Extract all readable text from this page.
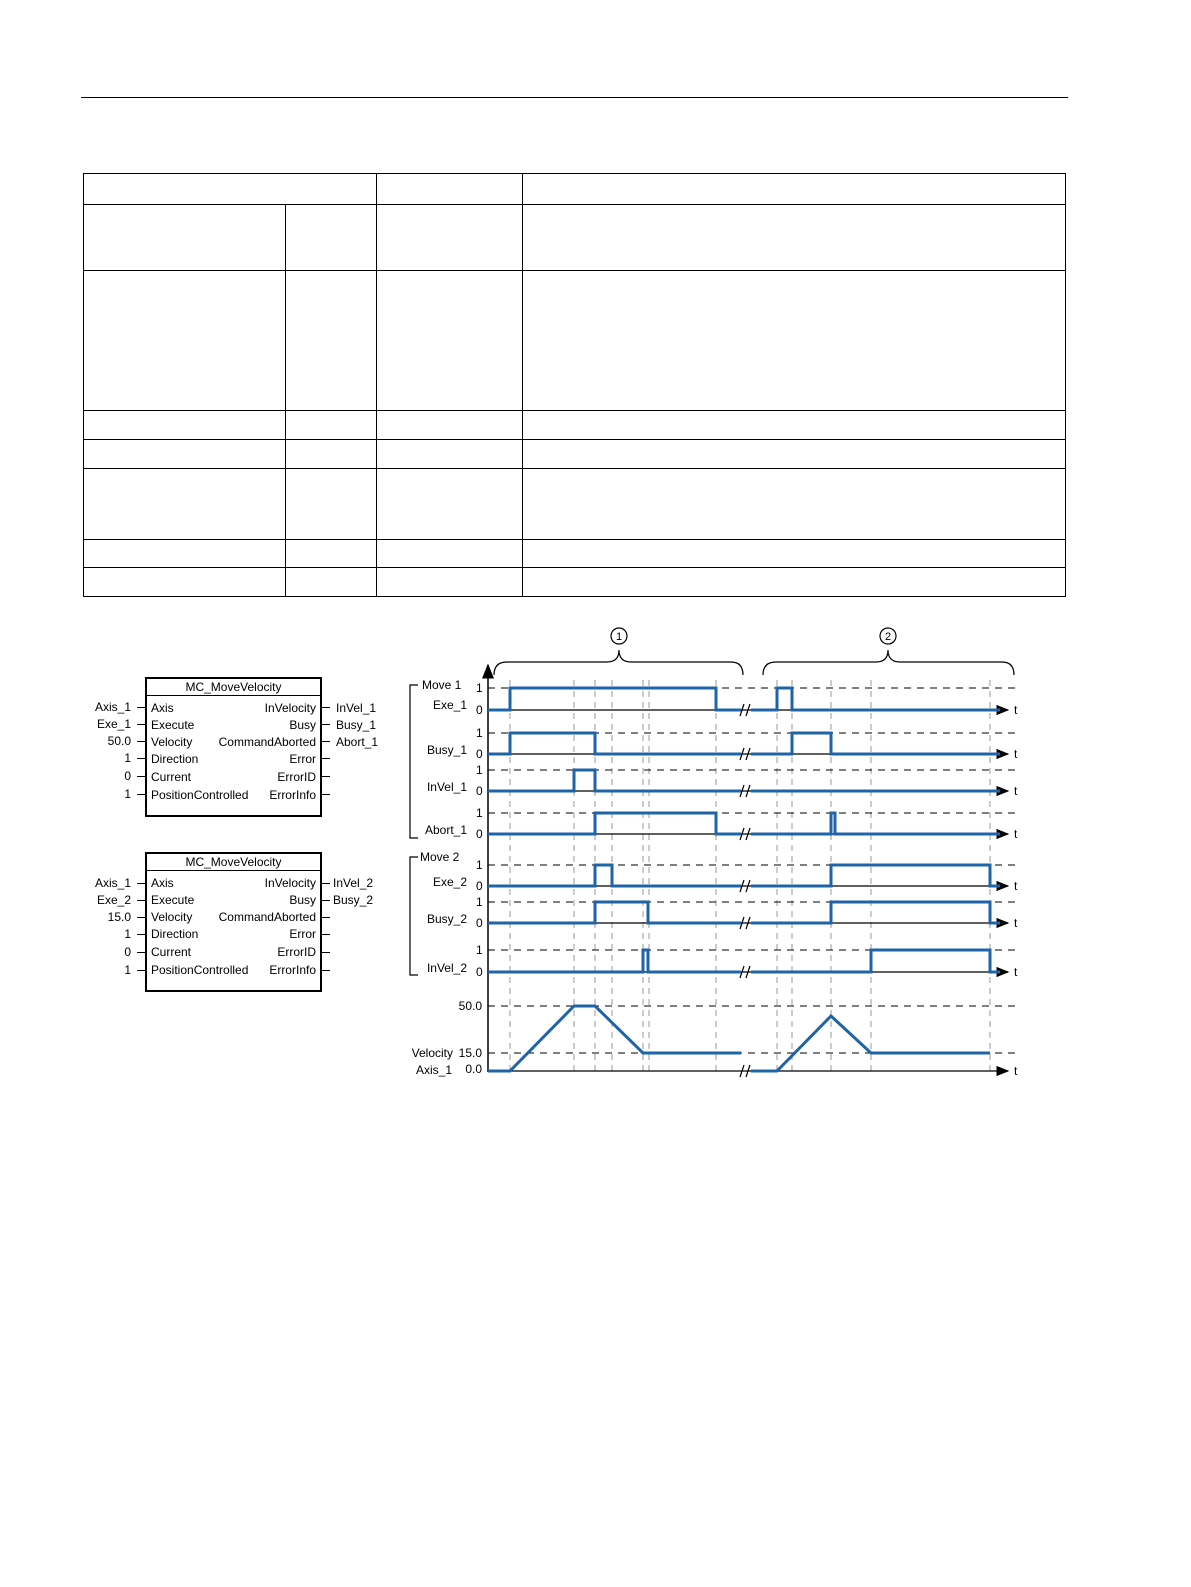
MC_MoveVelocity
Axis
Execute
Velocity
Direction
Current
PositionControlled
InVelocity
Busy
CommandAborted
Error
ErrorID
ErrorInfo
Axis_1
Exe_1
50.0
1
0
1
InVel_1
Busy_1
Abort_1
MC_MoveVelocity
Axis
Execute
Velocity
Direction
Current
PositionControlled
InVelocity
Busy
CommandAborted
Error
ErrorID
ErrorInfo
Axis_1
Exe_2
15.0
1
0
1
InVel_2
Busy_2
1	2
Move 1
Move 2
Exe_1
1
0	t
Busy_1
1
0	t
InVel_1
1
0	t
Abort_1
1
0	t
Exe_2
1
0	t
Busy_2
1
0	t
InVel_2
1
0	t
50.0
15.0
0.0
Velocity
Axis_1	t
